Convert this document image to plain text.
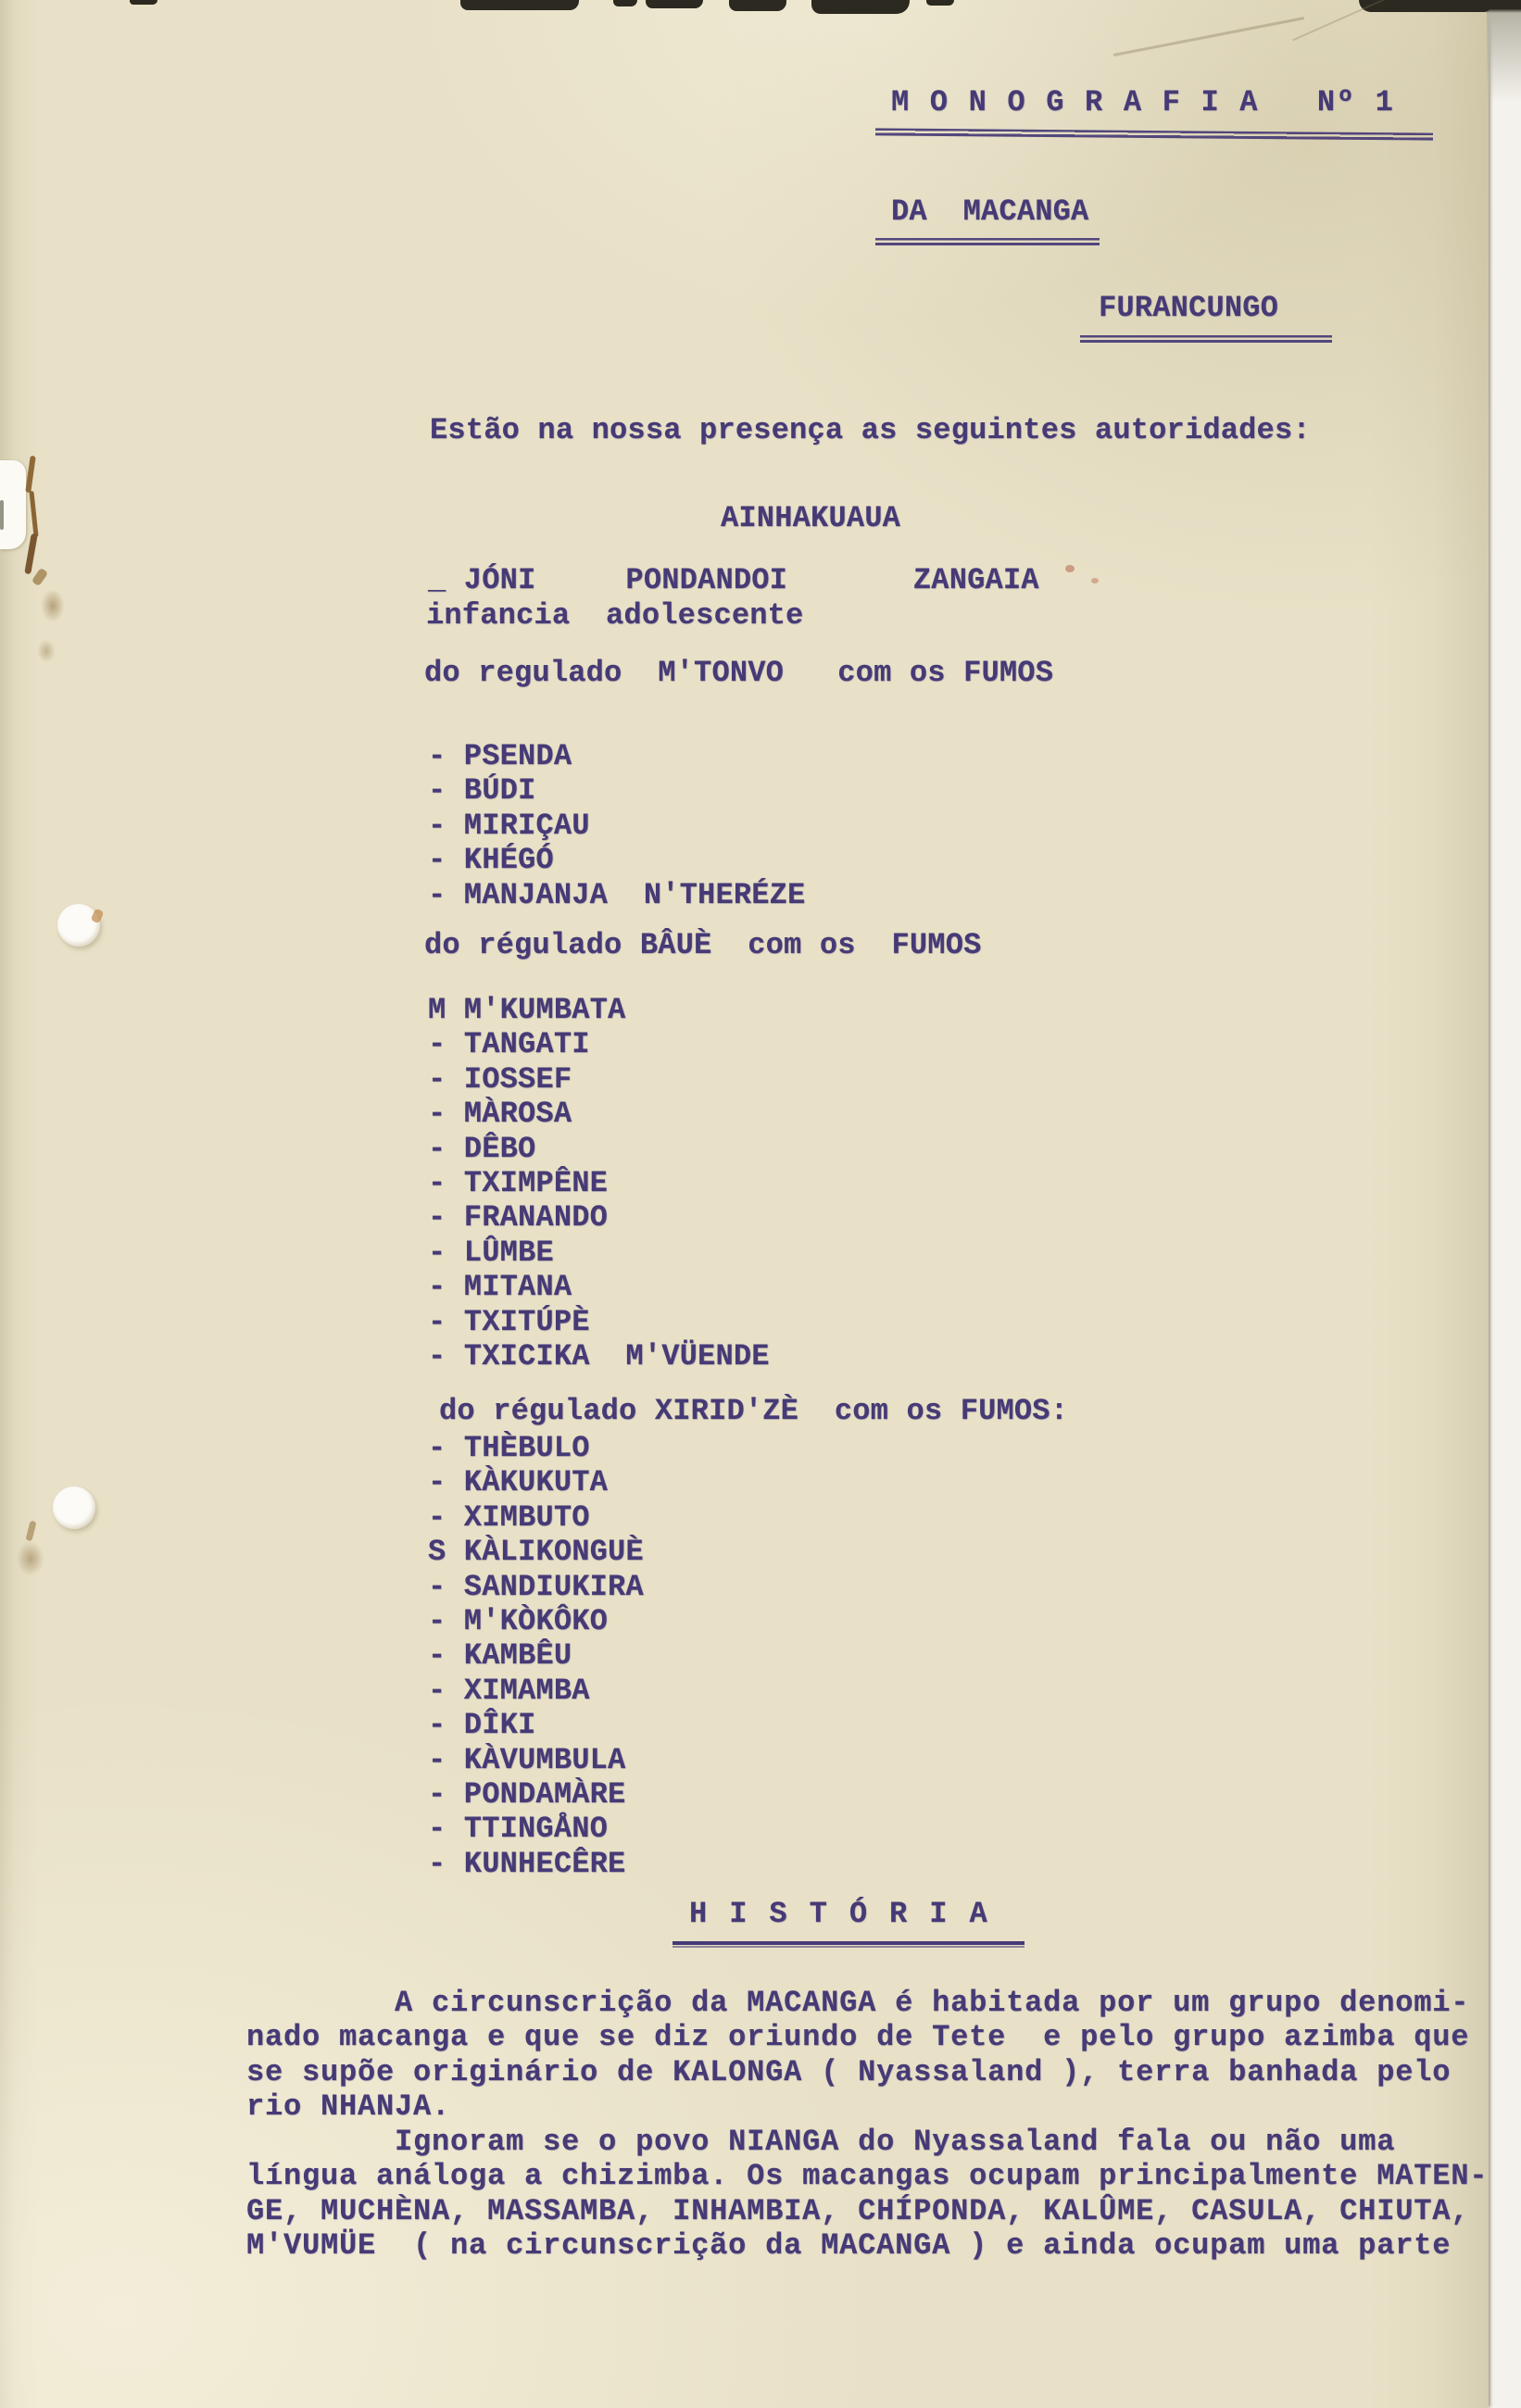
M O N O G R A F I A   Nº 1
DA  MACANGA
FURANCUNGO
Estão na nossa presença as seguintes autoridades:
AINHAKUAUA
_ JÓNI     PONDANDOI       ZANGAIA
infancia  adolescente
do regulado  M'TONVO   com os FUMOS
- PSENDA
- BÚDI
- MIRIÇAU
- KHÉGÓ
- MANJANJA  N'THERÉZE
do régulado BÂUÈ  com os  FUMOS
M M'KUMBATA
- TANGATI
- IOSSEF
- MÀROSA
- DÊBO
- TXIMPÊNE
- FRANANDO
- LÛMBE
- MITANA
- TXITÚPÈ
- TXICIKA  M'VÜENDE
do régulado XIRID'ZÈ  com os FUMOS:
- THÈBULO
- KÀKUKUTA
- XIMBUTO
S KÀLIKONGUÈ
- SANDIUKIRA
- M'KÒKÔKO
- KAMBÊU
- XIMAMBA
- DÎKI
- KÀVUMBULA
- PONDAMÀRE
- TTINGÅNO
- KUNHECÊRE
H I S T Ó R I A
A circunscrição da MACANGA é habitada por um grupo denomi-
nado macanga e que se diz oriundo de Tete  e pelo grupo azimba que
se supõe originário de KALONGA ( Nyassaland ), terra banhada pelo
rio NHANJA.
Ignoram se o povo NIANGA do Nyassaland fala ou não uma
língua análoga a chizimba. Os macangas ocupam principalmente MATEN-
GE, MUCHÈNA, MASSAMBA, INHAMBIA, CHÍPONDA, KALÛME, CASULA, CHIUTA,
M'VUMÜE  ( na circunscrição da MACANGA ) e ainda ocupam uma parte
